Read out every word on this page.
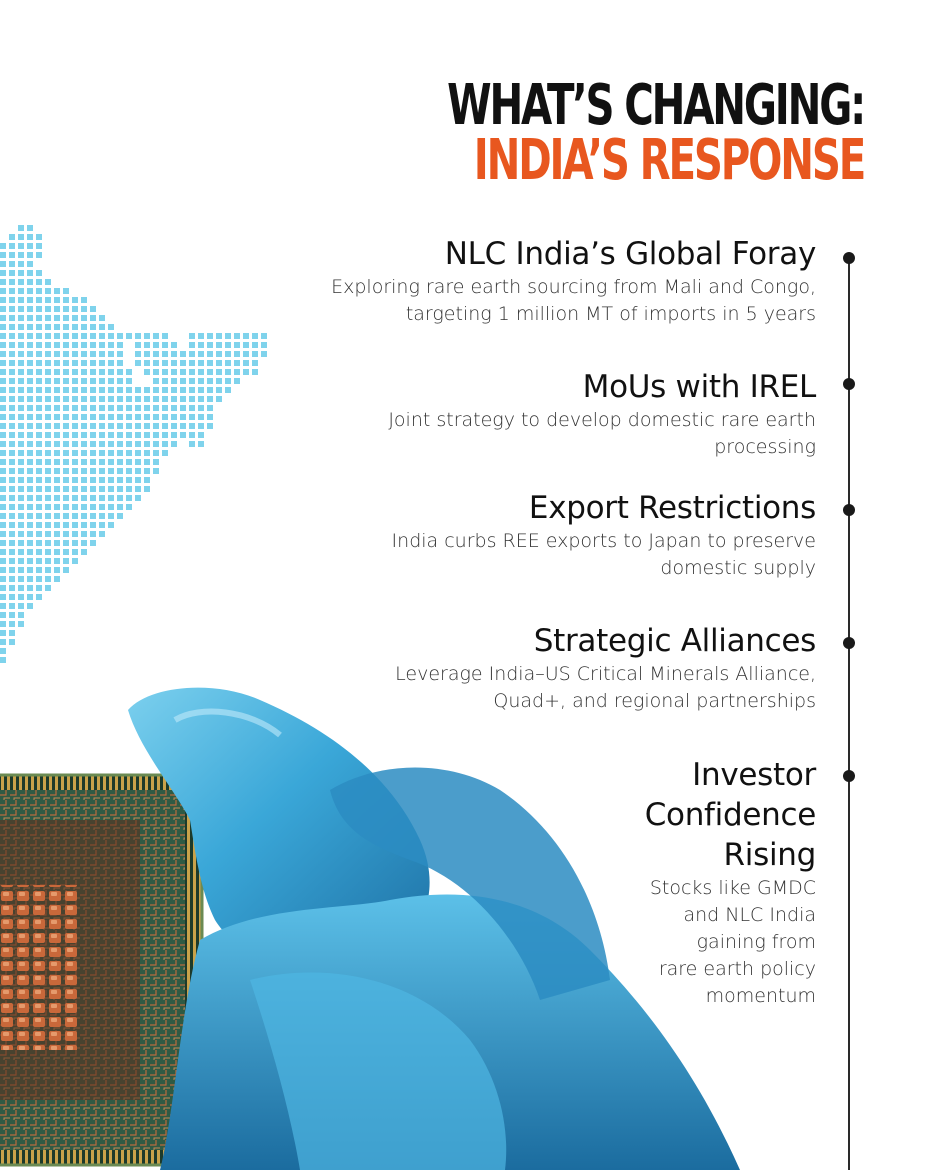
WHAT’S CHANGING:
INDIA’S RESPONSE
NLC India’s Global Foray
Exploring rare earth sourcing from Mali and Congo,
targeting 1 million MT of imports in 5 years
MoUs with IREL
Joint strategy to develop domestic rare earth
processing
Export Restrictions
India curbs REE exports to Japan to preserve
domestic supply
Strategic Alliances
Leverage India–US Critical Minerals Alliance,
Quad+, and regional partnerships
Investor
Confidence
Rising
Stocks like GMDC
and NLC India
gaining from
rare earth policy
momentum
